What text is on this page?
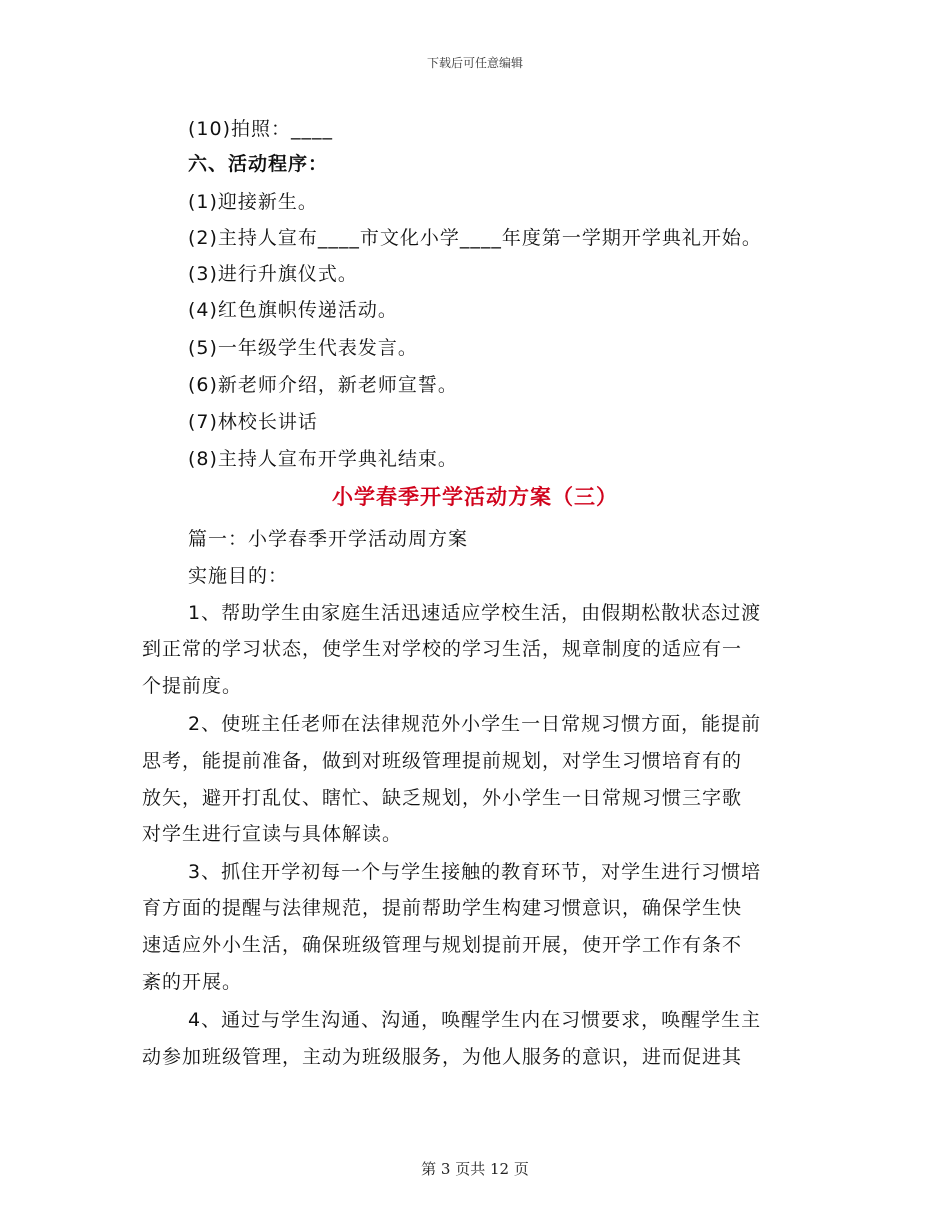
下载后可任意编辑
(10)拍照：____
六、活动程序：
(1)迎接新生。
(2)主持人宣布____市文化小学____年度第一学期开学典礼开始。
(3)进行升旗仪式。
(4)红色旗帜传递活动。
(5)一年级学生代表发言。
(6)新老师介绍，新老师宣誓。
(7)林校长讲话
(8)主持人宣布开学典礼结束。
小学春季开学活动方案（三）
篇一：小学春季开学活动周方案
实施目的：
1、帮助学生由家庭生活迅速适应学校生活，由假期松散状态过渡
到正常的学习状态，使学生对学校的学习生活，规章制度的适应有一
个提前度。
2、使班主任老师在法律规范外小学生一日常规习惯方面，能提前
思考，能提前准备，做到对班级管理提前规划，对学生习惯培育有的
放矢，避开打乱仗、瞎忙、缺乏规划，外小学生一日常规习惯三字歌
对学生进行宣读与具体解读。
3、抓住开学初每一个与学生接触的教育环节，对学生进行习惯培
育方面的提醒与法律规范，提前帮助学生构建习惯意识，确保学生快
速适应外小生活，确保班级管理与规划提前开展，使开学工作有条不
紊的开展。
4、通过与学生沟通、沟通，唤醒学生内在习惯要求，唤醒学生主
动参加班级管理，主动为班级服务，为他人服务的意识，进而促进其
第 3 页共 12 页
